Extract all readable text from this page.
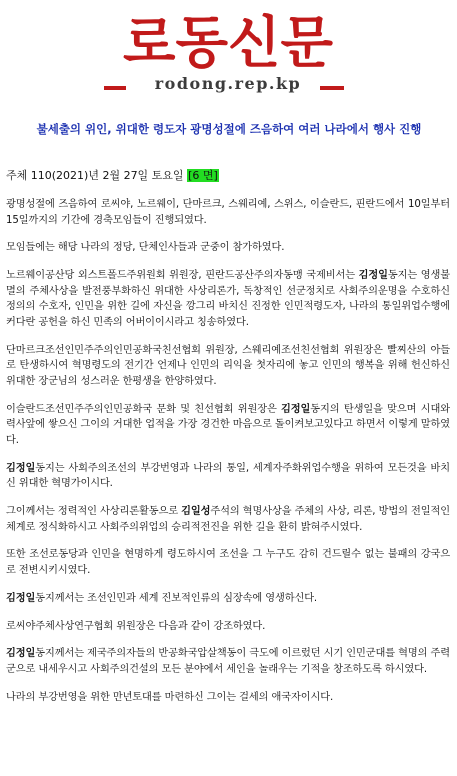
로동신문
rodong.rep.kp
불세출의 위인, 위대한 령도자 광명성절에 즈음하여 여러 나라에서 행사 진행
주체 110(2021)년 2월 27일 토요일 [6 면]

광명성절에 즈음하여 로씨야, 노르웨이, 단마르크, 스웨리예, 스위스, 이슬란드, 핀란드에서 10일부터 15일까지의 기간에 경축모임들이 진행되였다.

모임들에는 해당 나라의 정당, 단체인사들과 군중이 참가하였다.

노르웨이공산당 외스트폴드주위원회 위원장, 핀란드공산주의자동맹 국제비서는 김정일동지는 영생불멸의 주체사상을 발전풍부화하신 위대한 사상리론가, 독창적인 선군정치로 사회주의운명을 수호하신 정의의 수호자, 인민을 위한 길에 자신을 깡그리 바치신 진정한 인민적령도자, 나라의 통일위업수행에 커다란 공헌을 하신 민족의 어버이이시라고 칭송하였다.

단마르크조선인민주주의인민공화국친선협회 위원장, 스웨리예조선친선협회 위원장은 빨찌산의 아들로 탄생하시여 혁명령도의 전기간 언제나 인민의 리익을 첫자리에 놓고 인민의 행복을 위해 헌신하신 위대한 장군님의 성스러운 한평생을 한양하였다.

이슬란드조선민주주의인민공화국 문화 및 친선협회 위원장은 김정일동지의 탄생일을 맞으며 시대와 력사앞에 쌓으신 그이의 거대한 업적을 가장 경건한 마음으로 돌이켜보고있다고 하면서 이렇게 말하였다.

김정일동지는 사회주의조선의 부강번영과 나라의 통일, 세계자주화위업수행을 위하여 모든것을 바치신 위대한 혁명가이시다.

그이께서는 정력적인 사상리론활동으로 김일성주석의 혁명사상을 주체의 사상, 리론, 방법의 전일적인 체계로 정식화하시고 사회주의위업의 승리적전진을 위한 길을 환히 밝혀주시였다.

또한 조선로동당과 인민을 현명하게 령도하시여 조선을 그 누구도 감히 건드릴수 없는 불패의 강국으로 전변시키시였다.

김정일동지께서는 조선인민과 세계 진보적인류의 심장속에 영생하신다.

로씨야주체사상연구협회 위원장은 다음과 같이 강조하였다.

김정일동지께서는 제국주의자들의 반공화국압살책동이 극도에 이르렀던 시기 인민군대를 혁명의 주력군으로 내세우시고 사회주의건설의 모든 분야에서 세인을 놀래우는 기적을 창조하도록 하시였다.

나라의 부강번영을 위한 만년토대를 마련하신 그이는 걸세의 애국자이시다.
